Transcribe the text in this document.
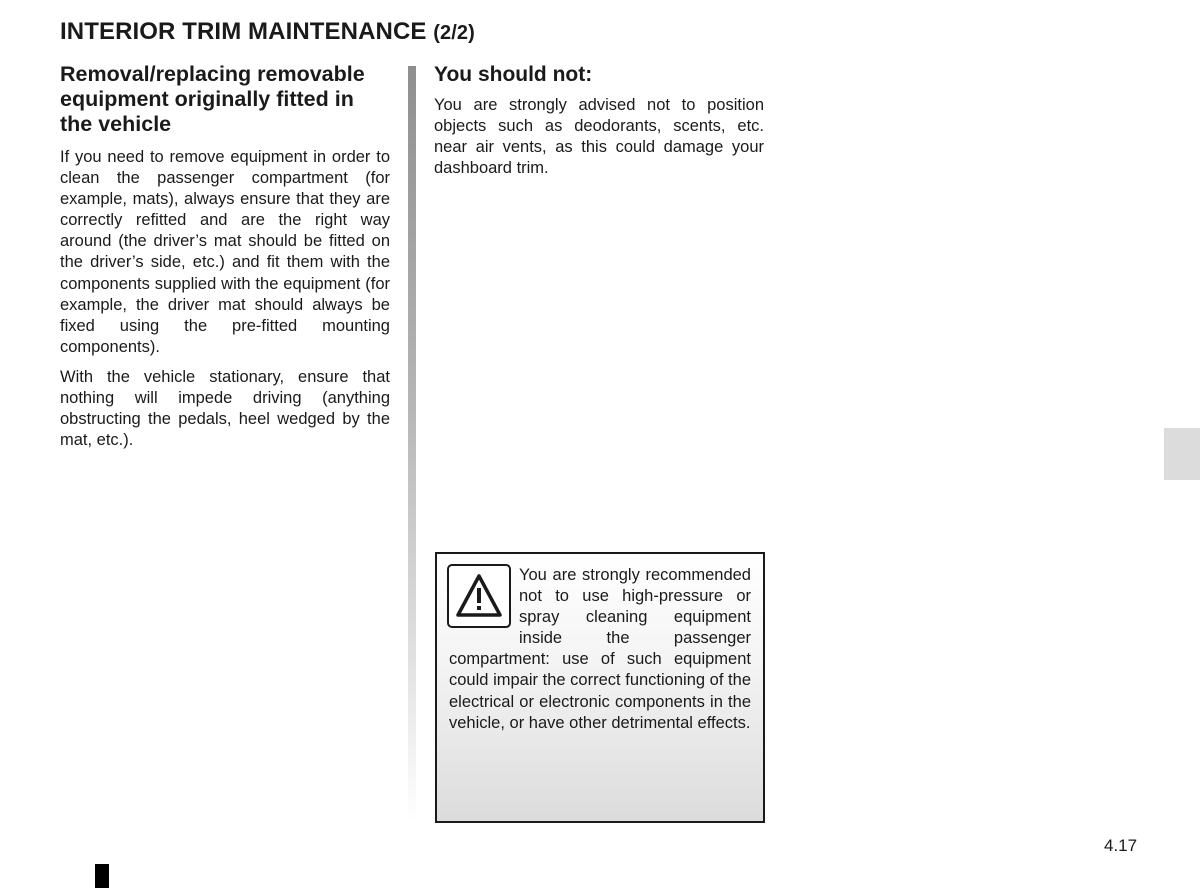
INTERIOR TRIM MAINTENANCE (2/2)
Removal/replacing removable equipment originally fitted in the vehicle

If you need to remove equipment in order to clean the passenger compartment (for example, mats), always ensure that they are correctly refitted and are the right way around (the driver’s mat should be fitted on the driver’s side, etc.) and fit them with the components supplied with the equipment (for example, the driver mat should always be fixed using the pre-fitted mounting components).

With the vehicle stationary, ensure that nothing will impede driving (anything obstructing the pedals, heel wedged by the mat, etc.).

You should not:

You are strongly advised not to position objects such as deodorants, scents, etc. near air vents, as this could damage your dashboard trim.

You are strongly recommended not to use high-pressure or spray cleaning equipment inside the passenger compartment: use of such equipment could impair the correct functioning of the electrical or electronic components in the vehicle, or have other detrimental effects.
4.17
